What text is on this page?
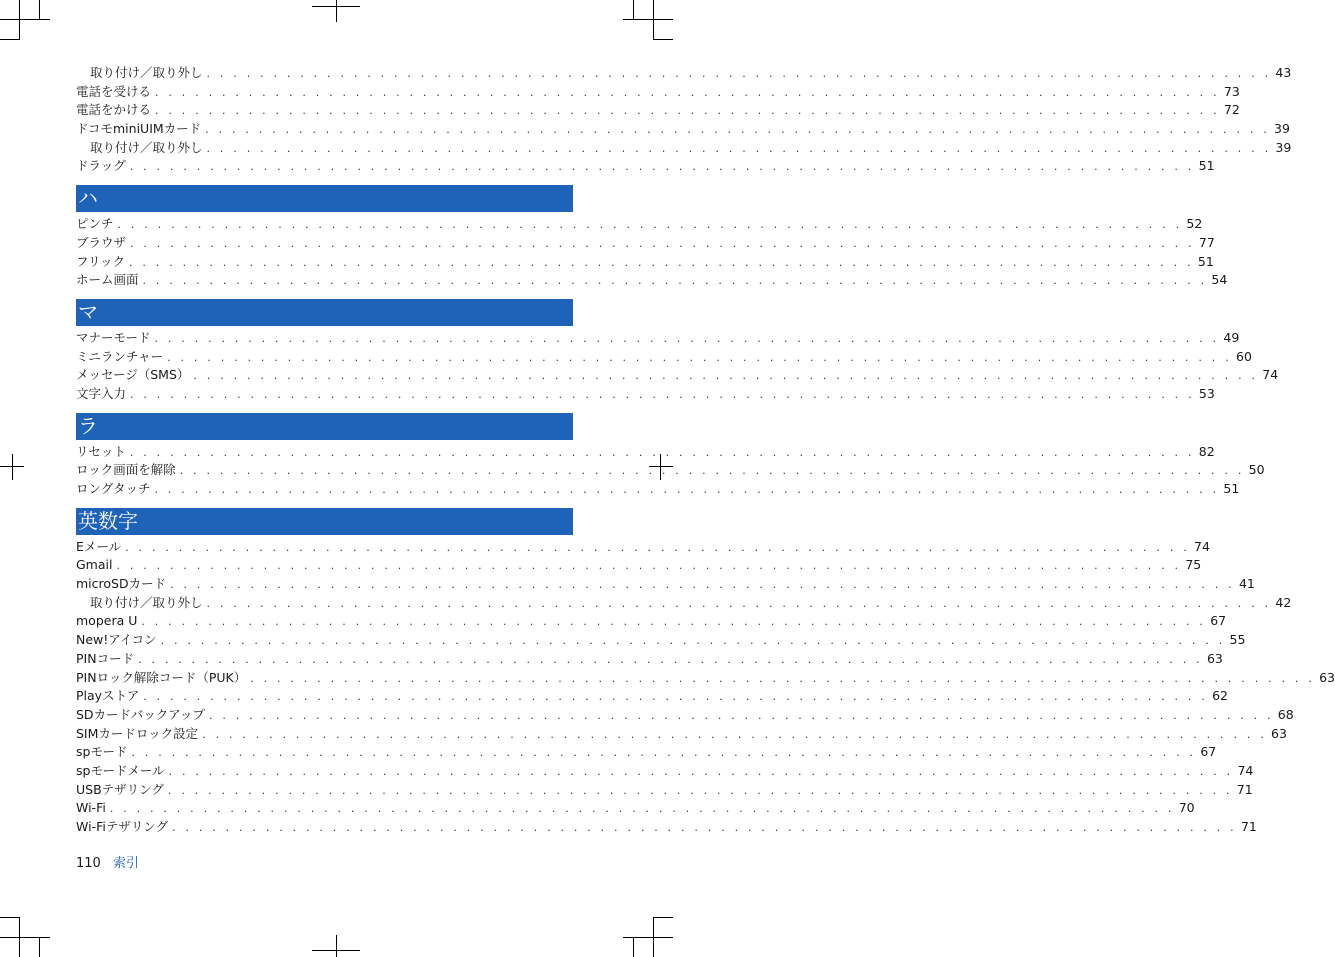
取り付け／取り外し . . . . . . . . . . . . . . . . . . . . . . . . . . . . . . . . . . . . . . . . . . . . . . . . . . . . . . . . . . . . . . . . . . . . . . . . . . . . . . . . 43
電話を受ける . . . . . . . . . . . . . . . . . . . . . . . . . . . . . . . . . . . . . . . . . . . . . . . . . . . . . . . . . . . . . . . . . . . . . . . . . . . . . . . . 73
電話をかける . . . . . . . . . . . . . . . . . . . . . . . . . . . . . . . . . . . . . . . . . . . . . . . . . . . . . . . . . . . . . . . . . . . . . . . . . . . . . . . . 72
ドコモminiUIMカード . . . . . . . . . . . . . . . . . . . . . . . . . . . . . . . . . . . . . . . . . . . . . . . . . . . . . . . . . . . . . . . . . . . . . . . . . . . . . . . . 39
取り付け／取り外し . . . . . . . . . . . . . . . . . . . . . . . . . . . . . . . . . . . . . . . . . . . . . . . . . . . . . . . . . . . . . . . . . . . . . . . . . . . . . . . . 39
ドラッグ . . . . . . . . . . . . . . . . . . . . . . . . . . . . . . . . . . . . . . . . . . . . . . . . . . . . . . . . . . . . . . . . . . . . . . . . . . . . . . . . 51
ハ
ピンチ . . . . . . . . . . . . . . . . . . . . . . . . . . . . . . . . . . . . . . . . . . . . . . . . . . . . . . . . . . . . . . . . . . . . . . . . . . . . . . . . 52
ブラウザ . . . . . . . . . . . . . . . . . . . . . . . . . . . . . . . . . . . . . . . . . . . . . . . . . . . . . . . . . . . . . . . . . . . . . . . . . . . . . . . . 77
フリック . . . . . . . . . . . . . . . . . . . . . . . . . . . . . . . . . . . . . . . . . . . . . . . . . . . . . . . . . . . . . . . . . . . . . . . . . . . . . . . . 51
ホーム画面 . . . . . . . . . . . . . . . . . . . . . . . . . . . . . . . . . . . . . . . . . . . . . . . . . . . . . . . . . . . . . . . . . . . . . . . . . . . . . . . . 54
マ
マナーモード . . . . . . . . . . . . . . . . . . . . . . . . . . . . . . . . . . . . . . . . . . . . . . . . . . . . . . . . . . . . . . . . . . . . . . . . . . . . . . . . 49
ミニランチャー . . . . . . . . . . . . . . . . . . . . . . . . . . . . . . . . . . . . . . . . . . . . . . . . . . . . . . . . . . . . . . . . . . . . . . . . . . . . . . . . 60
メッセージ（SMS） . . . . . . . . . . . . . . . . . . . . . . . . . . . . . . . . . . . . . . . . . . . . . . . . . . . . . . . . . . . . . . . . . . . . . . . . . . . . . . . . 74
文字入力 . . . . . . . . . . . . . . . . . . . . . . . . . . . . . . . . . . . . . . . . . . . . . . . . . . . . . . . . . . . . . . . . . . . . . . . . . . . . . . . . 53
ラ
リセット . . . . . . . . . . . . . . . . . . . . . . . . . . . . . . . . . . . . . . . . . . . . . . . . . . . . . . . . . . . . . . . . . . . . . . . . . . . . . . . . 82
ロック画面を解除 . . . . . . . . . . . . . . . . . . . . . . . . . . . . . . . . . . . . . . . . . . . . . . . . . . . . . . . . . . . . . . . . . . . . . . . . . . . . . . . . 50
ロングタッチ . . . . . . . . . . . . . . . . . . . . . . . . . . . . . . . . . . . . . . . . . . . . . . . . . . . . . . . . . . . . . . . . . . . . . . . . . . . . . . . . 51
英数字
Eメール . . . . . . . . . . . . . . . . . . . . . . . . . . . . . . . . . . . . . . . . . . . . . . . . . . . . . . . . . . . . . . . . . . . . . . . . . . . . . . . . 74
Gmail . . . . . . . . . . . . . . . . . . . . . . . . . . . . . . . . . . . . . . . . . . . . . . . . . . . . . . . . . . . . . . . . . . . . . . . . . . . . . . . . 75
microSDカード . . . . . . . . . . . . . . . . . . . . . . . . . . . . . . . . . . . . . . . . . . . . . . . . . . . . . . . . . . . . . . . . . . . . . . . . . . . . . . . . 41
取り付け／取り外し . . . . . . . . . . . . . . . . . . . . . . . . . . . . . . . . . . . . . . . . . . . . . . . . . . . . . . . . . . . . . . . . . . . . . . . . . . . . . . . . 42
mopera U . . . . . . . . . . . . . . . . . . . . . . . . . . . . . . . . . . . . . . . . . . . . . . . . . . . . . . . . . . . . . . . . . . . . . . . . . . . . . . . . 67
New!アイコン . . . . . . . . . . . . . . . . . . . . . . . . . . . . . . . . . . . . . . . . . . . . . . . . . . . . . . . . . . . . . . . . . . . . . . . . . . . . . . . . 55
PINコード . . . . . . . . . . . . . . . . . . . . . . . . . . . . . . . . . . . . . . . . . . . . . . . . . . . . . . . . . . . . . . . . . . . . . . . . . . . . . . . . 63
PINロック解除コード（PUK） . . . . . . . . . . . . . . . . . . . . . . . . . . . . . . . . . . . . . . . . . . . . . . . . . . . . . . . . . . . . . . . . . . . . . . . . . . . . . . . . 63
Playストア . . . . . . . . . . . . . . . . . . . . . . . . . . . . . . . . . . . . . . . . . . . . . . . . . . . . . . . . . . . . . . . . . . . . . . . . . . . . . . . . 62
SDカードバックアップ . . . . . . . . . . . . . . . . . . . . . . . . . . . . . . . . . . . . . . . . . . . . . . . . . . . . . . . . . . . . . . . . . . . . . . . . . . . . . . . . 68
SIMカードロック設定 . . . . . . . . . . . . . . . . . . . . . . . . . . . . . . . . . . . . . . . . . . . . . . . . . . . . . . . . . . . . . . . . . . . . . . . . . . . . . . . . 63
spモード . . . . . . . . . . . . . . . . . . . . . . . . . . . . . . . . . . . . . . . . . . . . . . . . . . . . . . . . . . . . . . . . . . . . . . . . . . . . . . . . 67
spモードメール . . . . . . . . . . . . . . . . . . . . . . . . . . . . . . . . . . . . . . . . . . . . . . . . . . . . . . . . . . . . . . . . . . . . . . . . . . . . . . . . 74
USBテザリング . . . . . . . . . . . . . . . . . . . . . . . . . . . . . . . . . . . . . . . . . . . . . . . . . . . . . . . . . . . . . . . . . . . . . . . . . . . . . . . . 71
Wi-Fi . . . . . . . . . . . . . . . . . . . . . . . . . . . . . . . . . . . . . . . . . . . . . . . . . . . . . . . . . . . . . . . . . . . . . . . . . . . . . . . . 70
Wi-Fiテザリング . . . . . . . . . . . . . . . . . . . . . . . . . . . . . . . . . . . . . . . . . . . . . . . . . . . . . . . . . . . . . . . . . . . . . . . . . . . . . . . . 71
110 索引
